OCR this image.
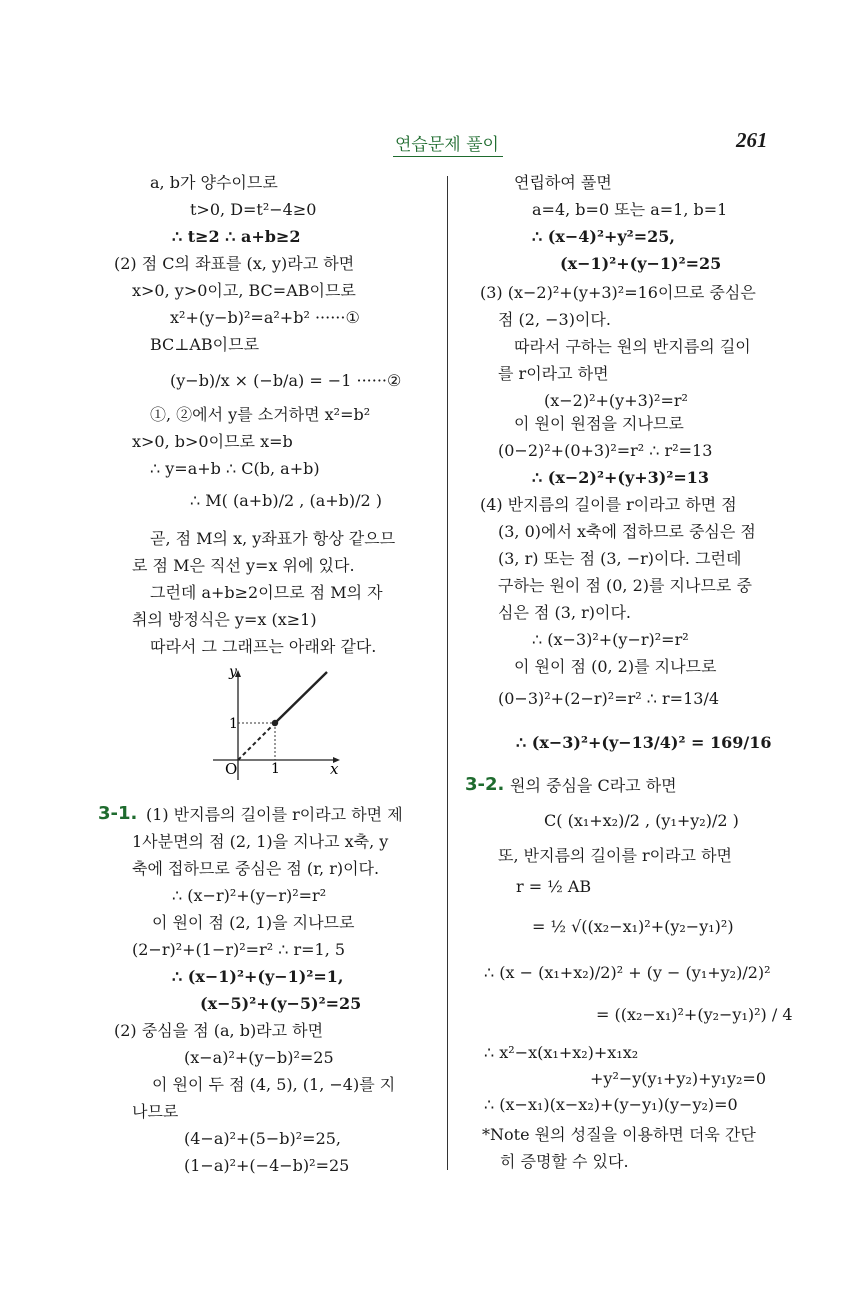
연습문제 풀이	261
a, b가 양수이므로
t>0, D=t²−4≥0
∴ t≥2 ∴ a+b≥2
(2) 점 C의 좌표를 (x, y)라고 하면
x>0, y>0이고, BC=AB이므로
x²+(y−b)²=a²+b² ······①
BC⊥AB이므로
(y−b)/x × (−b/a) = −1 ······②
①, ②에서 y를 소거하면 x²=b²
x>0, b>0이므로 x=b
∴ y=a+b ∴ C(b, a+b)
∴ M( (a+b)/2 , (a+b)/2 )
곧, 점 M의 x, y좌표가 항상 같으므
로 점 M은 직선 y=x 위에 있다.
그런데 a+b≥2이므로 점 M의 자
취의 방정식은 y=x (x≥1)
따라서 그 그래프는 아래와 같다.
y
x
O 1
1
3-1. (1) 반지름의 길이를 r이라고 하면 제
1사분면의 점 (2, 1)을 지나고 x축, y
축에 접하므로 중심은 점 (r, r)이다.
∴ (x−r)²+(y−r)²=r²
이 원이 점 (2, 1)을 지나므로
(2−r)²+(1−r)²=r² ∴ r=1, 5
∴ (x−1)²+(y−1)²=1,
(x−5)²+(y−5)²=25
(2) 중심을 점 (a, b)라고 하면
(x−a)²+(y−b)²=25
이 원이 두 점 (4, 5), (1, −4)를 지
나므로
(4−a)²+(5−b)²=25,
(1−a)²+(−4−b)²=25
연립하여 풀면
a=4, b=0 또는 a=1, b=1
∴ (x−4)²+y²=25,
(x−1)²+(y−1)²=25
(3) (x−2)²+(y+3)²=16이므로 중심은
점 (2, −3)이다.
따라서 구하는 원의 반지름의 길이
를 r이라고 하면
(x−2)²+(y+3)²=r²
이 원이 원점을 지나므로
(0−2)²+(0+3)²=r² ∴ r²=13
∴ (x−2)²+(y+3)²=13
(4) 반지름의 길이를 r이라고 하면 점
(3, 0)에서 x축에 접하므로 중심은 점
(3, r) 또는 점 (3, −r)이다. 그런데
구하는 원이 점 (0, 2)를 지나므로 중
심은 점 (3, r)이다.
∴ (x−3)²+(y−r)²=r²
이 원이 점 (0, 2)를 지나므로
(0−3)²+(2−r)²=r² ∴ r=13/4
∴ (x−3)²+(y−13/4)² = 169/16
3-2. 원의 중심을 C라고 하면
C( (x₁+x₂)/2 , (y₁+y₂)/2 )
또, 반지름의 길이를 r이라고 하면
r = ½ AB
= ½ √((x₂−x₁)²+(y₂−y₁)²)
∴ (x − (x₁+x₂)/2)² + (y − (y₁+y₂)/2)²
= ((x₂−x₁)²+(y₂−y₁)²) / 4
∴ x²−x(x₁+x₂)+x₁x₂
+y²−y(y₁+y₂)+y₁y₂=0
∴ (x−x₁)(x−x₂)+(y−y₁)(y−y₂)=0
*Note 원의 성질을 이용하면 더욱 간단
히 증명할 수 있다.
